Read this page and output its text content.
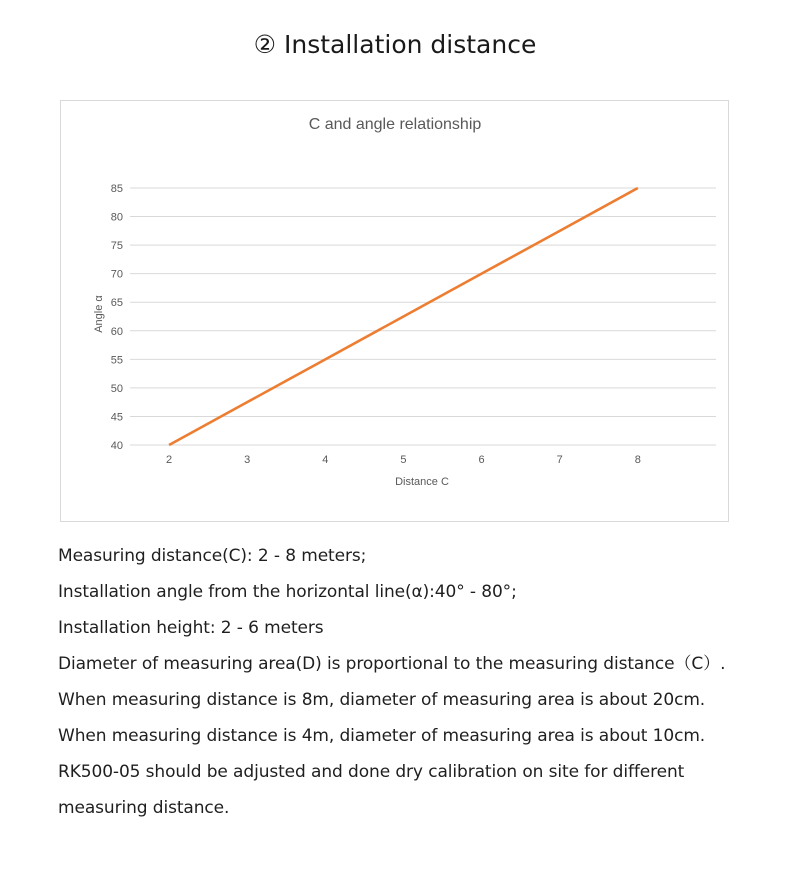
② Installation distance
C and angle relationship
40
45
50
55
60
65
70
75
80
85
2	3	4	5	6	7	8
Distance C
Angle α
Measuring distance(C): 2 - 8 meters;
Installation angle from the horizontal line(α):40° - 80°;
Installation height: 2 - 6 meters
Diameter of measuring area(D) is proportional to the measuring distance（C）.
When measuring distance is 8m, diameter of measuring area is about 20cm.
When measuring distance is 4m, diameter of measuring area is about 10cm.
RK500-05 should be adjusted and done dry calibration on site for different
measuring distance.
